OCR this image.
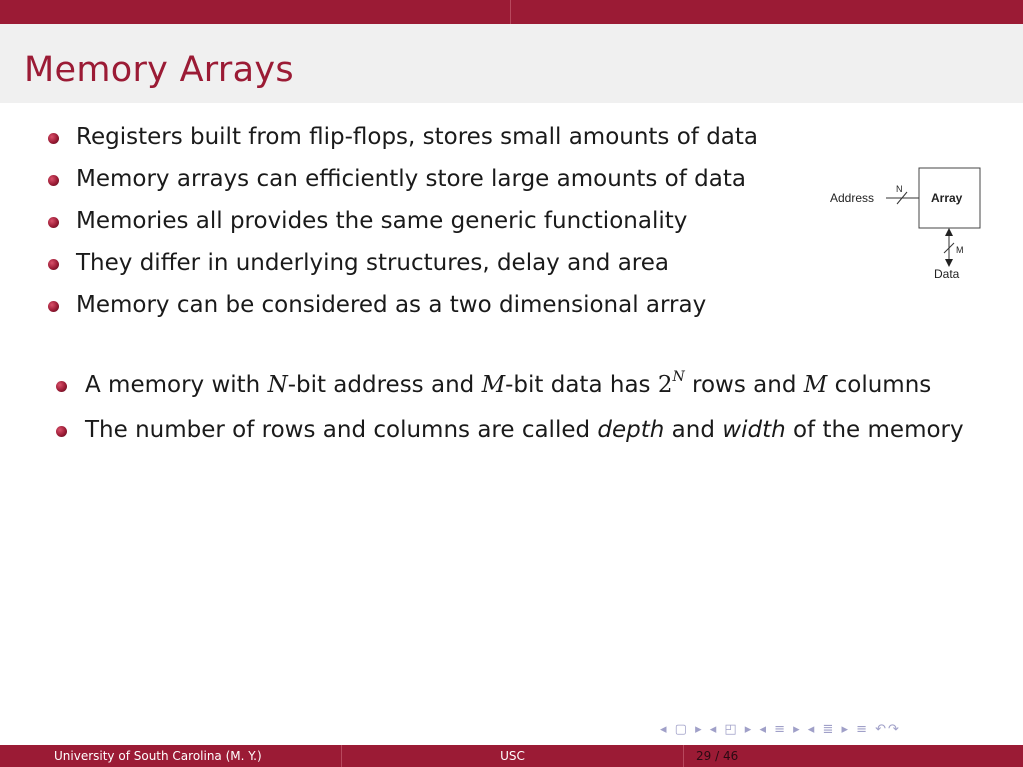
Memory Arrays
Registers built from flip-flops, stores small amounts of data
Memory arrays can efficiently store large amounts of data
Memories all provides the same generic functionality
They differ in underlying structures, delay and area
Memory can be considered as a two dimensional array
Address
N
Array
M
Data
A memory with N-bit address and M-bit data has $2^N$ rows and M columns
The number of rows and columns are called depth and width of the memory
◂ ▢ ▸ ◂ ◰ ▸ ◂ ≡ ▸ ◂ ≣ ▸ ≡ ↶↷
University of South Carolina (M. Y.)	USC	29 / 46
